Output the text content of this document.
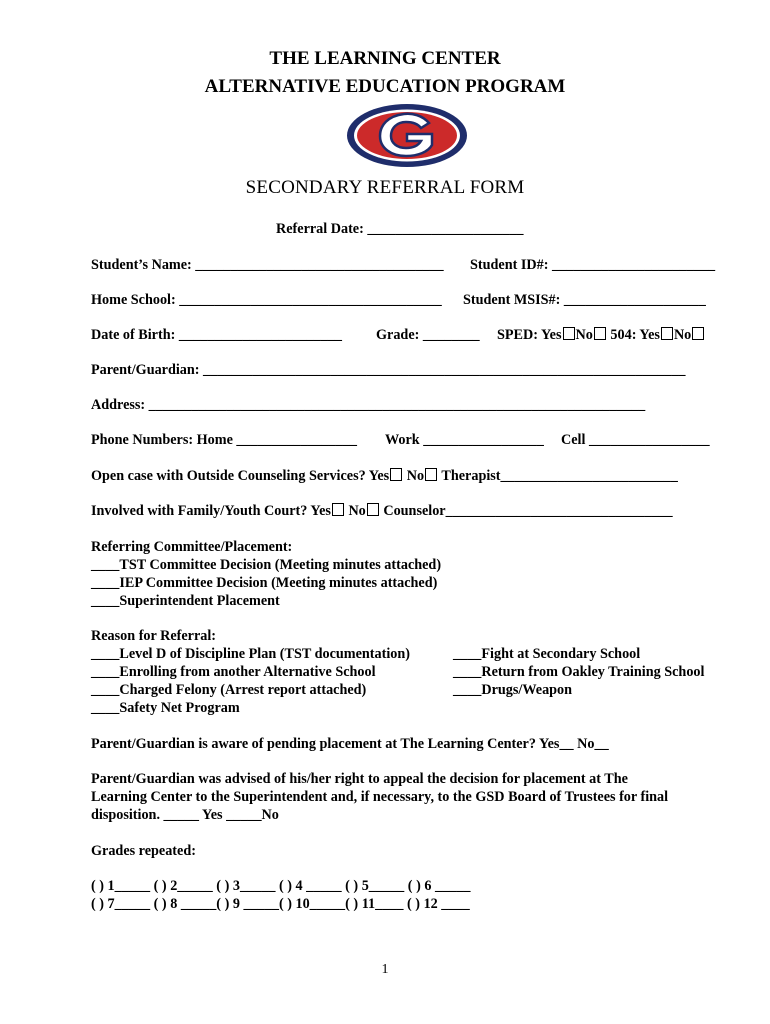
THE LEARNING CENTER
ALTERNATIVE EDUCATION PROGRAM
SECONDARY REFERRAL FORM
Referral Date: ______________________
Student’s Name: ___________________________________ Student ID#: _______________________
Home School: _____________________________________ Student MSIS#: ____________________
Date of Birth: _______________________ Grade: ________ SPED: Yes No 504: Yes No
Parent/Guardian: ____________________________________________________________________
Address: ______________________________________________________________________
Phone Numbers: Home _________________ Work _________________ Cell _________________
Open case with Outside Counseling Services? Yes No Therapist_________________________
Involved with Family/Youth Court? Yes No Counselor________________________________
Referring Committee/Placement:
____TST Committee Decision (Meeting minutes attached)
____IEP Committee Decision (Meeting minutes attached)
____Superintendent Placement
Reason for Referral:
____Level D of Discipline Plan (TST documentation)
____Enrolling from another Alternative School
____Charged Felony (Arrest report attached)
____Safety Net Program
____Fight at Secondary School
____Return from Oakley Training School
____Drugs/Weapon
Parent/Guardian is aware of pending placement at The Learning Center? Yes__ No__
Parent/Guardian was advised of his/her right to appeal the decision for placement at The
Learning Center to the Superintendent and, if necessary, to the GSD Board of Trustees for final
disposition. _____ Yes _____No
Grades repeated:
( ) 1_____ ( ) 2_____ ( ) 3_____ ( ) 4 _____ ( ) 5_____ ( ) 6 _____
( ) 7_____ ( ) 8 _____( ) 9 _____( ) 10_____( ) 11____ ( ) 12 ____
1
